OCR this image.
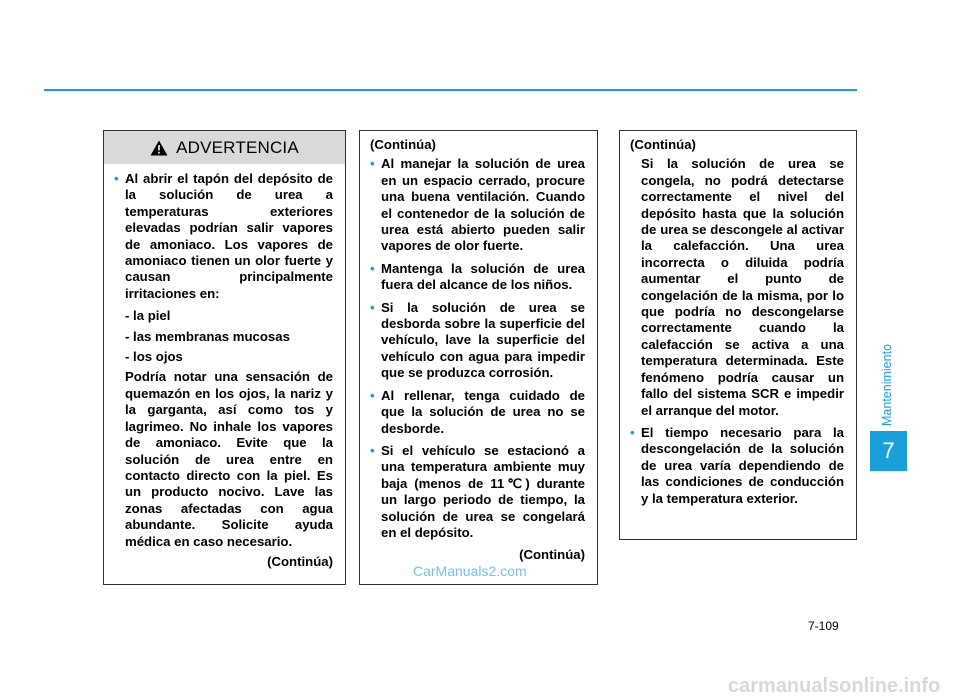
ADVERTENCIA
• Al abrir el tapón del depósito de la solución de urea a temperaturas exteriores elevadas podrían salir vapores de amoniaco. Los vapores de amoniaco tienen un olor fuerte y causan principalmente irritaciones en:
- la piel
- las membranas mucosas
- los ojos
Podría notar una sensación de quemazón en los ojos, la nariz y la garganta, así como tos y lagrimeo. No inhale los vapores de amoniaco. Evite que la solución de urea entre en contacto directo con la piel. Es un producto nocivo. Lave las zonas afectadas con agua abundante. Solicite ayuda médica en caso necesario.
(Continúa)
(Continúa)
• Al manejar la solución de urea en un espacio cerrado, procure una buena ventilación. Cuando el contenedor de la solución de urea está abierto pueden salir vapores de olor fuerte.
• Mantenga la solución de urea fuera del alcance de los niños.
• Si la solución de urea se desborda sobre la superficie del vehículo, lave la superficie del vehículo con agua para impedir que se produzca corrosión.
• Al rellenar, tenga cuidado de que la solución de urea no se desborde.
• Si el vehículo se estacionó a una temperatura ambiente muy baja (menos de 11℃) durante un largo periodo de tiempo, la solución de urea se congelará en el depósito.
(Continúa)
(Continúa)
Si la solución de urea se congela, no podrá detectarse correctamente el nivel del depósito hasta que la solución de urea se descongele al activar la calefacción. Una urea incorrecta o diluida podría aumentar el punto de congelación de la misma, por lo que podría no descongelarse correctamente cuando la calefacción se activa a una temperatura determinada. Este fenómeno podría causar un fallo del sistema SCR e impedir el arranque del motor.
• El tiempo necesario para la descongelación de la solución de urea varía dependiendo de las condiciones de conducción y la temperatura exterior.
Mantenimiento
7
7-109
CarManuals2.com
carmanualsonline.info
